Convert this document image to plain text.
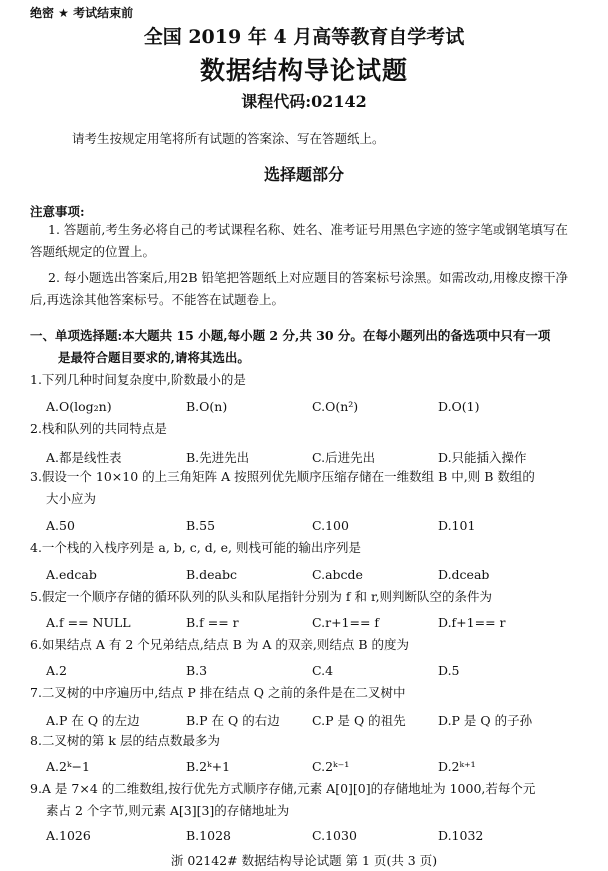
绝密 ★ 考试结束前
全国 2019 年 4 月高等教育自学考试
数据结构导论试题
课程代码:02142
请考生按规定用笔将所有试题的答案涂、写在答题纸上。
选择题部分
注意事项:
1. 答题前,考生务必将自己的考试课程名称、姓名、准考证号用黑色字迹的签字笔或钢笔填写在答题纸规定的位置上。
2. 每小题选出答案后,用2B 铅笔把答题纸上对应题目的答案标号涂黑。如需改动,用橡皮擦干净后,再选涂其他答案标号。不能答在试题卷上。
一、单项选择题:本大题共 15 小题,每小题 2 分,共 30 分。在每小题列出的备选项中只有一项
是最符合题目要求的,请将其选出。
1.下列几种时间复杂度中,阶数最小的是
A.O(log₂n)	B.O(n)	C.O(n²)	D.O(1)
2.栈和队列的共同特点是
A.都是线性表	B.先进先出	C.后进先出	D.只能插入操作
3.假设一个 10×10 的上三角矩阵 A 按照列优先顺序压缩存储在一维数组 B 中,则 B 数组的
大小应为
A.50	B.55	C.100	D.101
4.一个栈的入栈序列是 a, b, c, d, e, 则栈可能的输出序列是
A.edcab	B.deabc	C.abcde	D.dceab
5.假定一个顺序存储的循环队列的队头和队尾指针分别为 f 和 r,则判断队空的条件为
A.f == NULL	B.f == r	C.r+1== f	D.f+1== r
6.如果结点 A 有 2 个兄弟结点,结点 B 为 A 的双亲,则结点 B 的度为
A.2	B.3	C.4	D.5
7.二叉树的中序遍历中,结点 P 排在结点 Q 之前的条件是在二叉树中
A.P 在 Q 的左边	B.P 在 Q 的右边	C.P 是 Q 的祖先	D.P 是 Q 的子孙
8.二叉树的第 k 层的结点数最多为
A.2ᵏ−1	B.2ᵏ+1	C.2ᵏ⁻¹	D.2ᵏ⁺¹
9.A 是 7×4 的二维数组,按行优先方式顺序存储,元素 A[0][0]的存储地址为 1000,若每个元
素占 2 个字节,则元素 A[3][3]的存储地址为
A.1026	B.1028	C.1030	D.1032
浙 02142# 数据结构导论试题 第 1 页(共 3 页)
